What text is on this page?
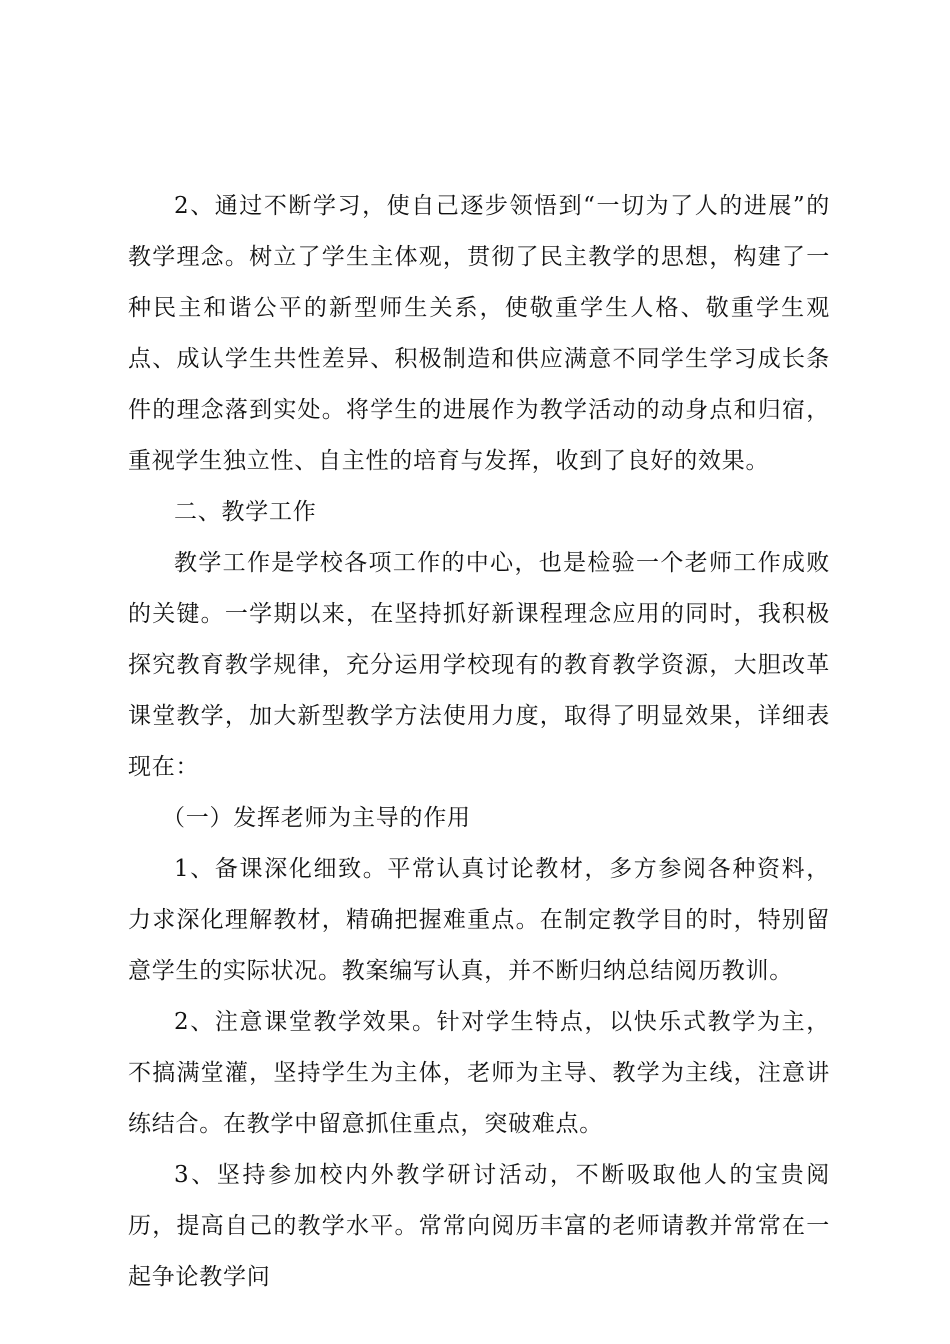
2、通过不断学习，使自己逐步领悟到“一切为了人的进展”的教学理念。树立了学生主体观，贯彻了民主教学的思想，构建了一种民主和谐公平的新型师生关系，使敬重学生人格、敬重学生观点、成认学生共性差异、积极制造和供应满意不同学生学习成长条件的理念落到实处。将学生的进展作为教学活动的动身点和归宿，重视学生独立性、自主性的培育与发挥，收到了良好的效果。

二、教学工作

教学工作是学校各项工作的中心，也是检验一个老师工作成败的关键。一学期以来，在坚持抓好新课程理念应用的同时，我积极探究教育教学规律，充分运用学校现有的教育教学资源，大胆改革课堂教学，加大新型教学方法使用力度，取得了明显效果，详细表现在：

（一）发挥老师为主导的作用

1、备课深化细致。平常认真讨论教材，多方参阅各种资料，力求深化理解教材，精确把握难重点。在制定教学目的时，特别留意学生的实际状况。教案编写认真，并不断归纳总结阅历教训。

2、注意课堂教学效果。针对学生特点，以快乐式教学为主，不搞满堂灌，坚持学生为主体，老师为主导、教学为主线，注意讲练结合。在教学中留意抓住重点，突破难点。

3、坚持参加校内外教学研讨活动，不断吸取他人的宝贵阅历，提高自己的教学水平。常常向阅历丰富的老师请教并常常在一起争论教学问
